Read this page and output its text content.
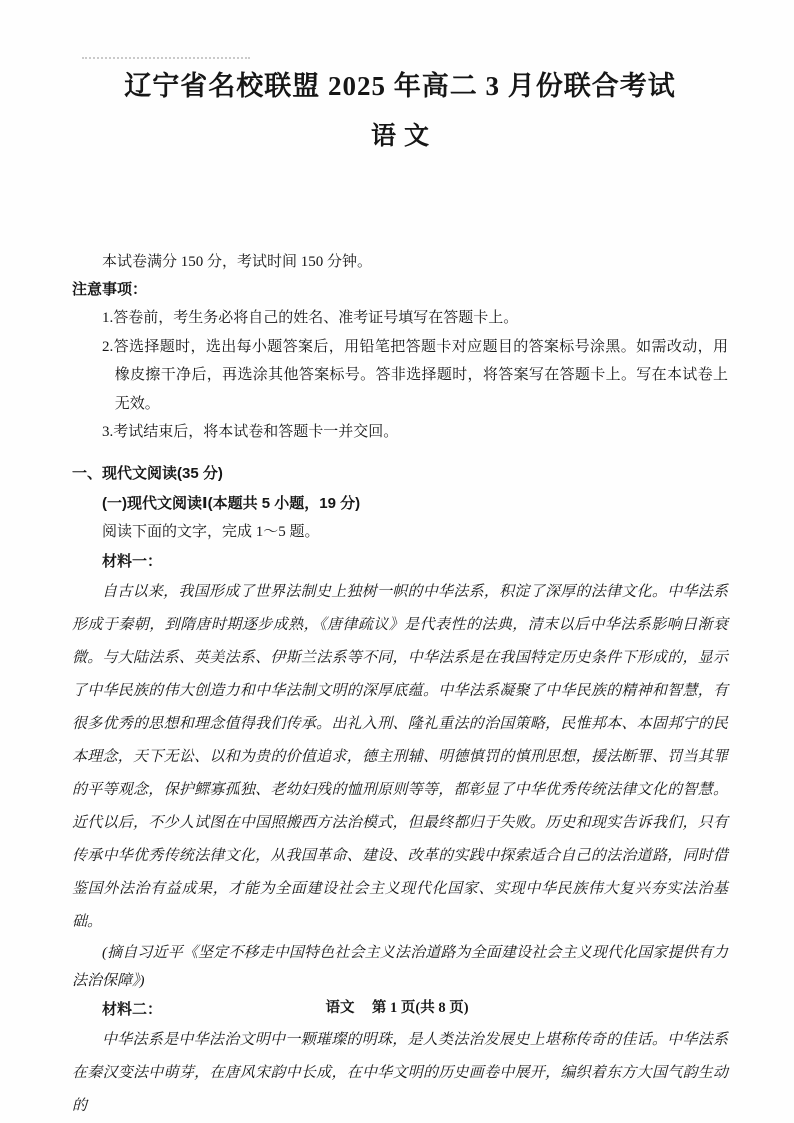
辽宁省名校联盟 2025 年高二 3 月份联合考试
语文

本试卷满分 150 分，考试时间 150 分钟。

注意事项：

1.答卷前，考生务必将自己的姓名、准考证号填写在答题卡上。

2.答选择题时，选出每小题答案后，用铅笔把答题卡对应题目的答案标号涂黑。如需改动，用橡皮擦干净后，再选涂其他答案标号。答非选择题时，将答案写在答题卡上。写在本试卷上无效。

3.考试结束后，将本试卷和答题卡一并交回。

一、现代文阅读(35 分)

(一)现代文阅读Ⅰ(本题共 5 小题，19 分)

阅读下面的文字，完成 1～5 题。

材料一：

自古以来，我国形成了世界法制史上独树一帜的中华法系，积淀了深厚的法律文化。中华法系形成于秦朝，到隋唐时期逐步成熟，《唐律疏议》是代表性的法典，清末以后中华法系影响日渐衰微。与大陆法系、英美法系、伊斯兰法系等不同，中华法系是在我国特定历史条件下形成的，显示了中华民族的伟大创造力和中华法制文明的深厚底蕴。中华法系凝聚了中华民族的精神和智慧，有很多优秀的思想和理念值得我们传承。出礼入刑、隆礼重法的治国策略，民惟邦本、本固邦宁的民本理念，天下无讼、以和为贵的价值追求，德主刑辅、明德慎罚的慎刑思想，援法断罪、罚当其罪的平等观念，保护鳏寡孤独、老幼妇残的恤刑原则等等，都彰显了中华优秀传统法律文化的智慧。近代以后，不少人试图在中国照搬西方法治模式，但最终都归于失败。历史和现实告诉我们，只有传承中华优秀传统法律文化，从我国革命、建设、改革的实践中探索适合自己的法治道路，同时借鉴国外法治有益成果，才能为全面建设社会主义现代化国家、实现中华民族伟大复兴夯实法治基础。

(摘自习近平《坚定不移走中国特色社会主义法治道路为全面建设社会主义现代化国家提供有力法治保障》)

材料二：

中华法系是中华法治文明中一颗璀璨的明珠，是人类法治发展史上堪称传奇的佳话。中华法系在秦汉变法中萌芽，在唐风宋韵中长成，在中华文明的历史画卷中展开，编织着东方大国气韵生动的

语文 第 1 页(共 8 页)
